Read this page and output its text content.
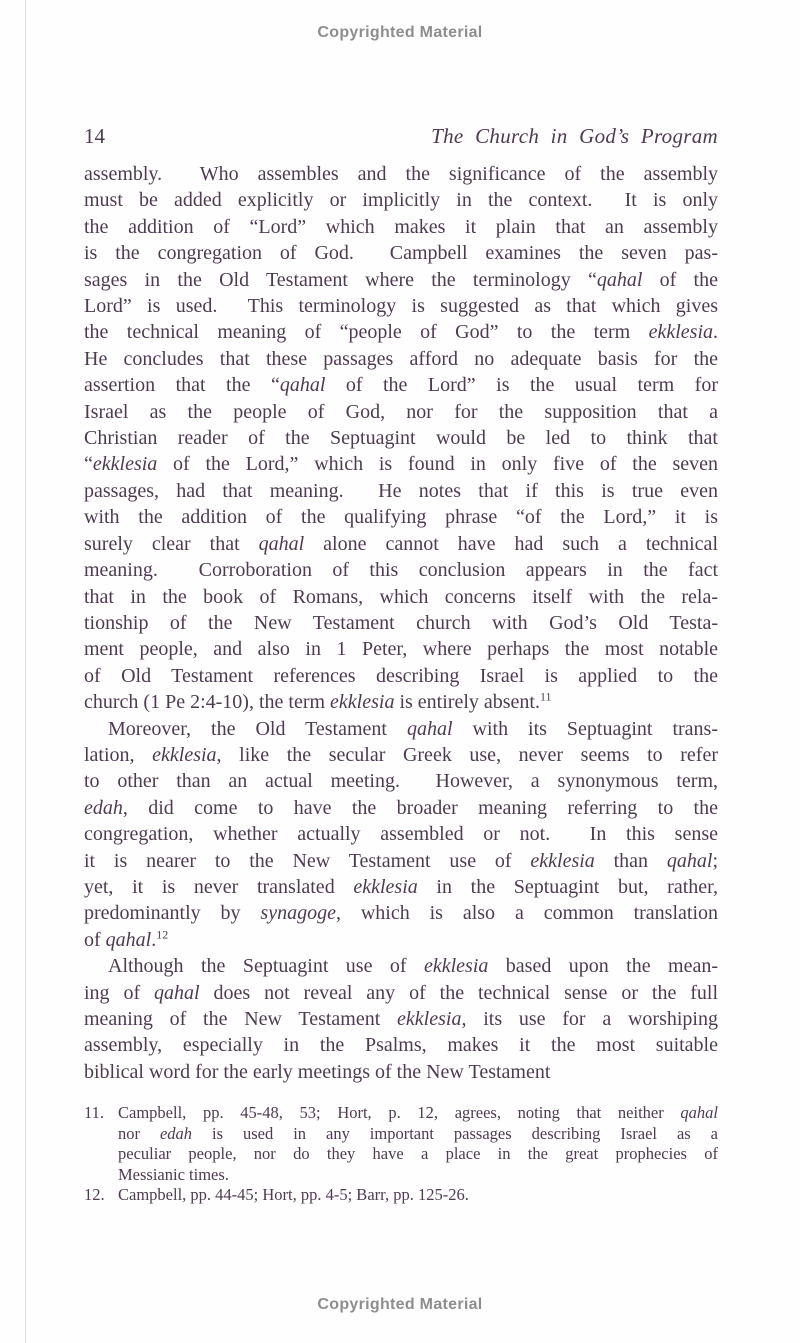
Copyrighted Material
14	The Church in God’s Program
assembly.  Who assembles and the significance of the assembly
must be added explicitly or implicitly in the context.  It is only
the addition of “Lord” which makes it plain that an assembly
is the congregation of God.  Campbell examines the seven pas-
sages in the Old Testament where the terminology “qahal of the
Lord” is used.  This terminology is suggested as that which gives
the technical meaning of “people of God” to the term ekklesia.
He concludes that these passages afford no adequate basis for the
assertion that the “qahal of the Lord” is the usual term for
Israel as the people of God, nor for the supposition that a
Christian reader of the Septuagint would be led to think that
“ekklesia of the Lord,” which is found in only five of the seven
passages, had that meaning.  He notes that if this is true even
with the addition of the qualifying phrase “of the Lord,” it is
surely clear that qahal alone cannot have had such a technical
meaning.  Corroboration of this conclusion appears in the fact
that in the book of Romans, which concerns itself with the rela-
tionship of the New Testament church with God’s Old Testa-
ment people, and also in 1 Peter, where perhaps the most notable
of Old Testament references describing Israel is applied to the
church (1 Pe 2:4-10), the term ekklesia is entirely absent.$^{11}$
Moreover, the Old Testament qahal with its Septuagint trans-
lation, ekklesia, like the secular Greek use, never seems to refer
to other than an actual meeting.  However, a synonymous term,
edah, did come to have the broader meaning referring to the
congregation, whether actually assembled or not.  In this sense
it is nearer to the New Testament use of ekklesia than qahal;
yet, it is never translated ekklesia in the Septuagint but, rather,
predominantly by synagoge, which is also a common translation
of qahal.$^{12}$
Although the Septuagint use of ekklesia based upon the mean-
ing of qahal does not reveal any of the technical sense or the full
meaning of the New Testament ekklesia, its use for a worshiping
assembly, especially in the Psalms, makes it the most suitable
biblical word for the early meetings of the New Testament
11. Campbell, pp. 45-48, 53; Hort, p. 12, agrees, noting that neither qahal
nor edah is used in any important passages describing Israel as a
peculiar people, nor do they have a place in the great prophecies of
Messianic times.
12. Campbell, pp. 44-45; Hort, pp. 4-5; Barr, pp. 125-26.
Copyrighted Material
